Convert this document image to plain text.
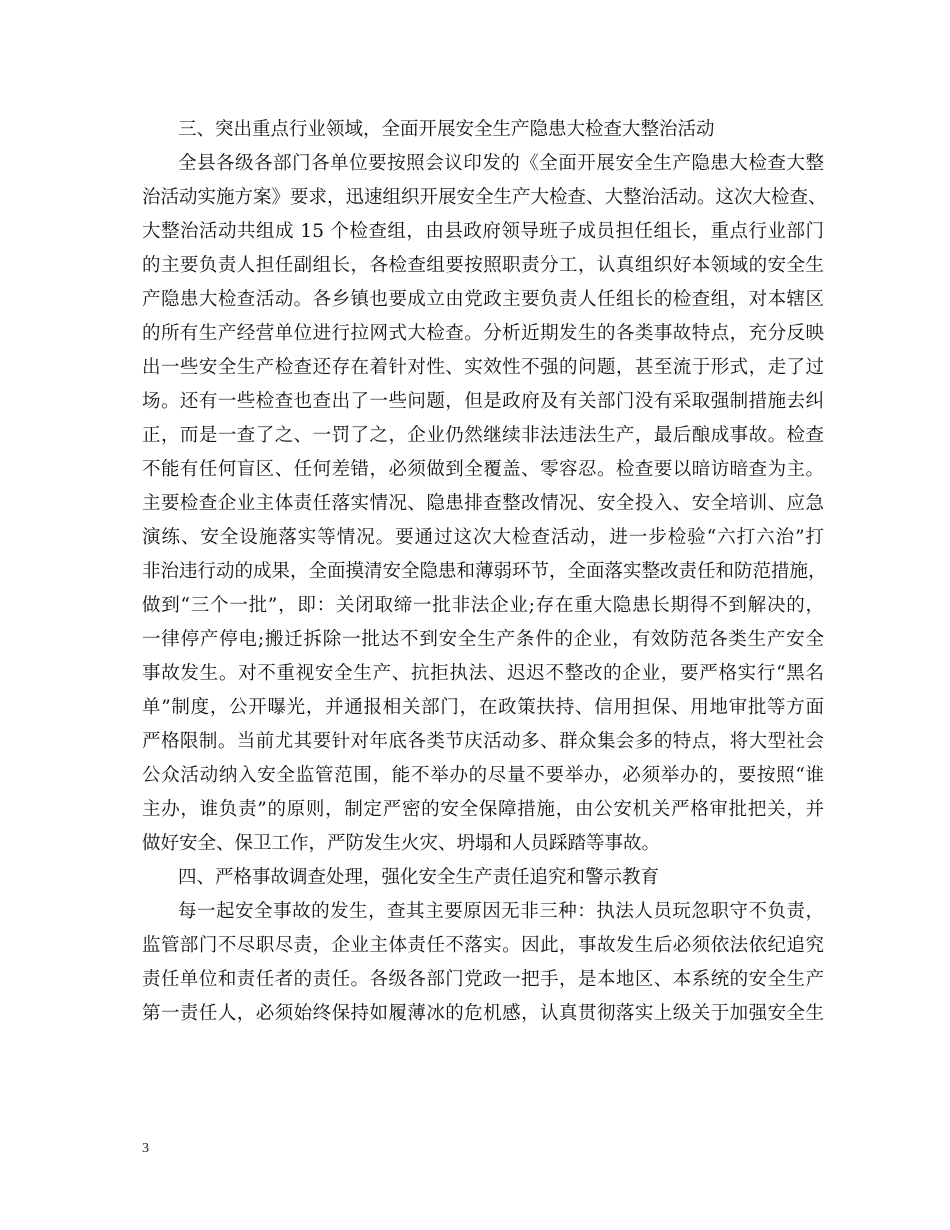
三、突出重点行业领域，全面开展安全生产隐患大检查大整治活动

全县各级各部门各单位要按照会议印发的《全面开展安全生产隐患大检查大整

治活动实施方案》要求，迅速组织开展安全生产大检查、大整治活动。这次大检查、

大整治活动共组成 15 个检查组，由县政府领导班子成员担任组长，重点行业部门

的主要负责人担任副组长，各检查组要按照职责分工，认真组织好本领域的安全生

产隐患大检查活动。各乡镇也要成立由党政主要负责人任组长的检查组，对本辖区

的所有生产经营单位进行拉网式大检查。分析近期发生的各类事故特点，充分反映

出一些安全生产检查还存在着针对性、实效性不强的问题，甚至流于形式，走了过

场。还有一些检查也查出了一些问题，但是政府及有关部门没有采取强制措施去纠

正，而是一查了之、一罚了之，企业仍然继续非法违法生产，最后酿成事故。检查

不能有任何盲区、任何差错，必须做到全覆盖、零容忍。检查要以暗访暗查为主。

主要检查企业主体责任落实情况、隐患排查整改情况、安全投入、安全培训、应急

演练、安全设施落实等情况。要通过这次大检查活动，进一步检验“六打六治”打

非治违行动的成果，全面摸清安全隐患和薄弱环节，全面落实整改责任和防范措施，

做到“三个一批”，即：关闭取缔一批非法企业;存在重大隐患长期得不到解决的，

一律停产停电;搬迁拆除一批达不到安全生产条件的企业，有效防范各类生产安全

事故发生。对不重视安全生产、抗拒执法、迟迟不整改的企业，要严格实行“黑名

单”制度，公开曝光，并通报相关部门，在政策扶持、信用担保、用地审批等方面

严格限制。当前尤其要针对年底各类节庆活动多、群众集会多的特点，将大型社会

公众活动纳入安全监管范围，能不举办的尽量不要举办，必须举办的，要按照“谁

主办，谁负责”的原则，制定严密的安全保障措施，由公安机关严格审批把关，并

做好安全、保卫工作，严防发生火灾、坍塌和人员踩踏等事故。

四、严格事故调查处理，强化安全生产责任追究和警示教育

每一起安全事故的发生，查其主要原因无非三种：执法人员玩忽职守不负责，

监管部门不尽职尽责，企业主体责任不落实。因此，事故发生后必须依法依纪追究

责任单位和责任者的责任。各级各部门党政一把手，是本地区、本系统的安全生产

第一责任人，必须始终保持如履薄冰的危机感，认真贯彻落实上级关于加强安全生

3
